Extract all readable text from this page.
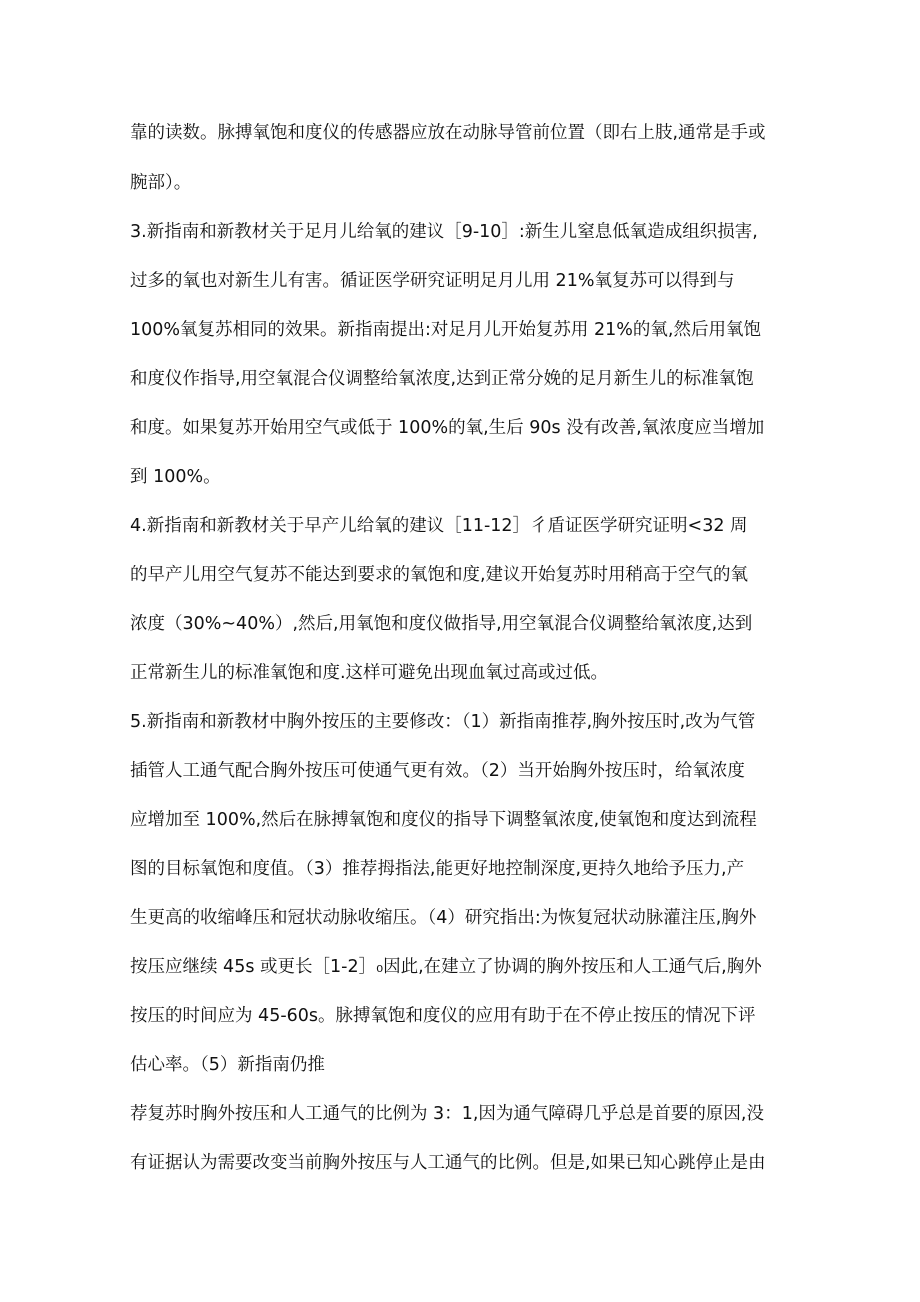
靠的读数。脉搏氧饱和度仪的传感器应放在动脉导管前位置（即右上肢,通常是手或
腕部）。
3.新指南和新教材关于足月儿给氧的建议［9-10］:新生儿窒息低氧造成组织损害,
过多的氧也对新生儿有害。循证医学研究证明足月儿用 21%氧复苏可以得到与
100%氧复苏相同的效果。新指南提出:对足月儿开始复苏用 21%的氧,然后用氧饱
和度仪作指导,用空氧混合仪调整给氧浓度,达到正常分娩的足月新生儿的标准氧饱
和度。如果复苏开始用空气或低于 100%的氧,生后 90s 没有改善,氧浓度应当增加
到 100%。
4.新指南和新教材关于早产儿给氧的建议［11-12］彳盾证医学研究证明<32 周
的早产儿用空气复苏不能达到要求的氧饱和度,建议开始复苏时用稍高于空气的氧
浓度（30%~40%）,然后,用氧饱和度仪做指导,用空氧混合仪调整给氧浓度,达到
正常新生儿的标准氧饱和度.这样可避免出现血氧过高或过低。
5.新指南和新教材中胸外按压的主要修改：（1）新指南推荐,胸外按压时,改为气管
插管人工通气配合胸外按压可使通气更有效。（2）当开始胸外按压时，给氧浓度
应增加至 100%,然后在脉搏氧饱和度仪的指导下调整氧浓度,使氧饱和度达到流程
图的目标氧饱和度值。（3）推荐拇指法,能更好地控制深度,更持久地给予压力,产
生更高的收缩峰压和冠状动脉收缩压。（4）研究指出:为恢复冠状动脉灌注压,胸外
按压应继续 45s 或更长［1-2］₀因此,在建立了协调的胸外按压和人工通气后,胸外
按压的时间应为 45-60s。脉搏氧饱和度仪的应用有助于在不停止按压的情况下评
估心率。（5）新指南仍推
荐复苏时胸外按压和人工通气的比例为 3：1,因为通气障碍几乎总是首要的原因,没
有证据认为需要改变当前胸外按压与人工通气的比例。但是,如果已知心跳停止是由
